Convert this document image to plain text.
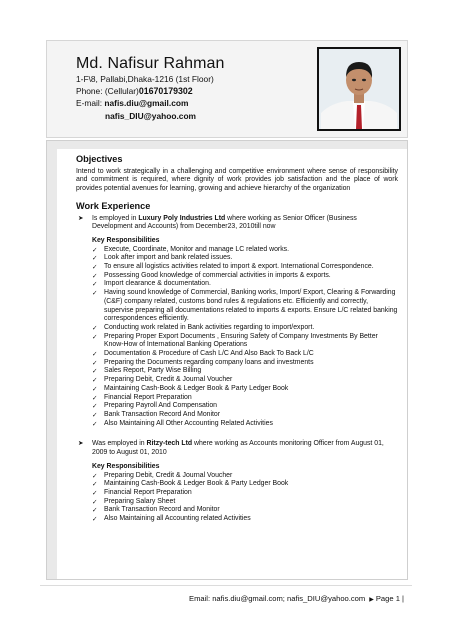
Md. Nafisur Rahman
1-F\8, Pallabi,Dhaka-1216 (1st Floor)
Phone: (Cellular)01670179302
E-mail: nafis.diu@gmail.com
nafis_DIU@yahoo.com
Objectives

Intend to work strategically in a challenging and competitive environment where sense of responsibility and commitment is required, where dignity of work provides job satisfaction and the place of work provides potential avenues for learning, growing and achieve hierarchy of the organization

Work Experience
➤	Is employed in Luxury Poly Industries Ltd where working as Senior Officer (Business Development and Accounts) from December23, 2010till now
Key Responsibilities
✓ Execute, Coordinate, Monitor and manage LC related works.
✓ Look after import and bank related issues.
✓ To ensure all logistics activities related to import & export. International Correspondence.
✓ Possessing Good knowledge of commercial activities in imports & exports.
✓ Import clearance & documentation.
✓ Having sound knowledge of Commercial, Banking works, Import/ Export, Clearing & Forwarding (C&F) company related, customs bond rules & regulations etc. Efficiently and correctly, supervise preparing all documentations related to imports & exports. Ensure L/C related banking correspondences efficiently.
✓ Conducting work related in Bank activities regarding to import/export.
✓ Preparing Proper Export Documents , Ensuring Safety of Company Investments By Better Know-How of International Banking Operations
✓ Documentation & Procedure of Cash L/C And Also Back To Back L/C
✓ Preparing the Documents regarding company loans and investments
✓ Sales Report, Party Wise Billing
✓ Preparing Debit, Credit & Journal Voucher
✓ Maintaining Cash-Book & Ledger Book & Party Ledger Book
✓ Financial Report Preparation
✓ Preparing Payroll And Compensation
✓ Bank Transaction Record And Monitor
✓ Also Maintaining All Other Accounting Related Activities
➤	Was employed in Ritzy-tech Ltd where working as Accounts monitoring Officer from August 01, 2009 to August 01, 2010
Key Responsibilities
✓ Preparing Debit, Credit & Journal Voucher
✓ Maintaining Cash-Book & Ledger Book & Party Ledger Book
✓ Financial Report Preparation
✓ Preparing Salary Sheet
✓ Bank Transaction Record and Monitor
✓ Also Maintaining all Accounting related Activities
Email: nafis.diu@gmail.com; nafis_DIU@yahoo.com ▶ Page 1 |
